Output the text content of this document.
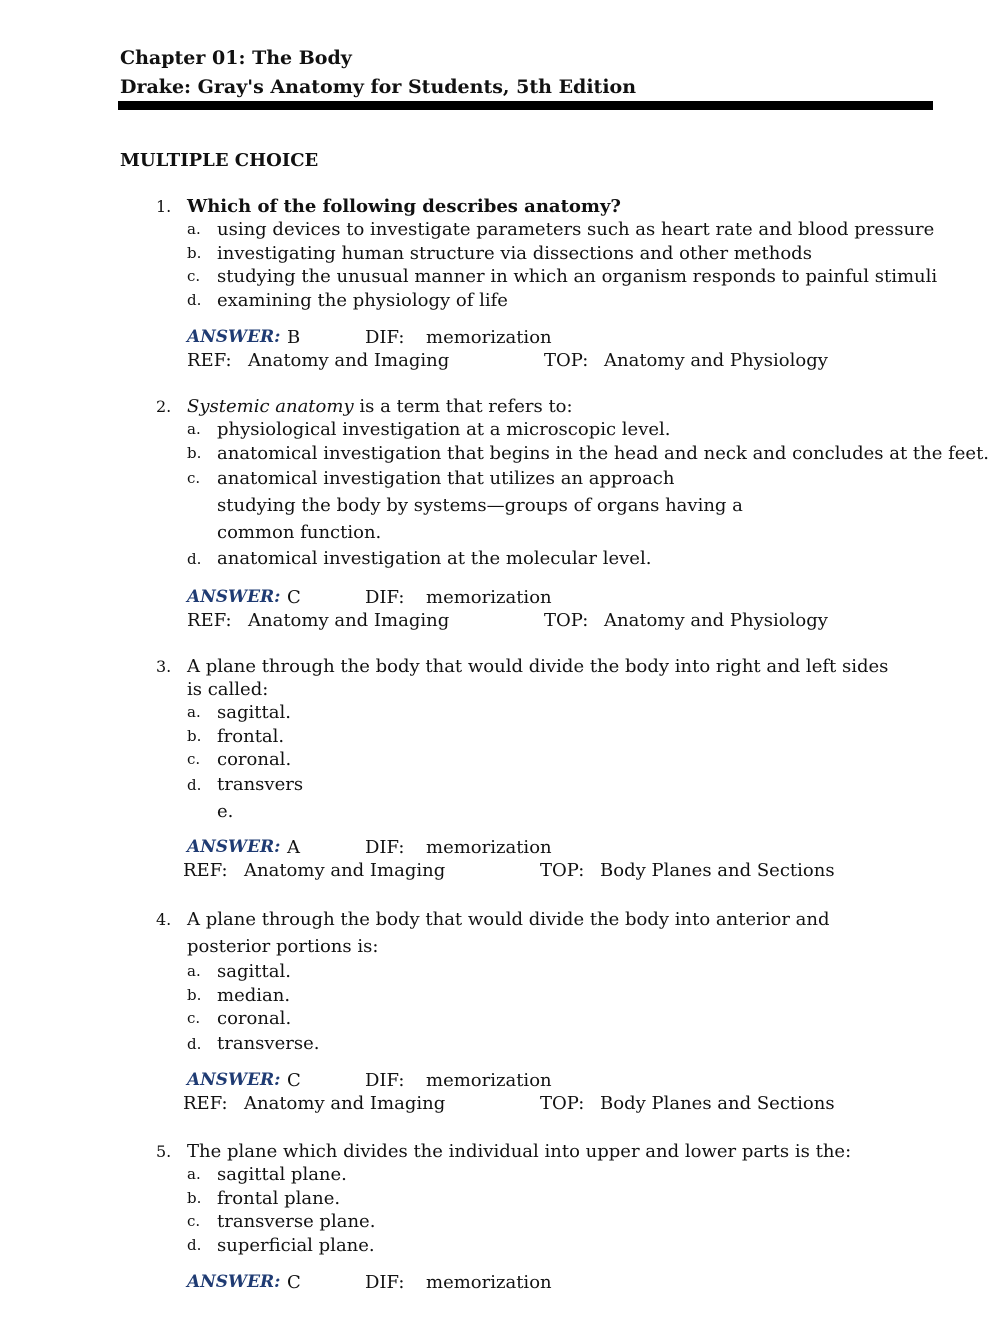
Chapter 01: The Body
Drake: Gray's Anatomy for Students, 5th Edition
MULTIPLE CHOICE
1. Which of the following describes anatomy?
a. using devices to investigate parameters such as heart rate and blood pressure
b. investigating human structure via dissections and other methods
c. studying the unusual manner in which an organism responds to painful stimuli
d. examining the physiology of life
ANSWER: B	DIF: memorization
REF: Anatomy and Imaging	TOP: Anatomy and Physiology
2. Systemic anatomy is a term that refers to:
a. physiological investigation at a microscopic level.
b. anatomical investigation that begins in the head and neck and concludes at the feet.
c. anatomical investigation that utilizes an approach studying the body by systems—groups of organs having a common function.
d. anatomical investigation at the molecular level.
ANSWER: C	DIF: memorization
REF: Anatomy and Imaging	TOP: Anatomy and Physiology
3. A plane through the body that would divide the body into right and left sides is called:
a. sagittal.
b. frontal.
c. coronal.
d. transvers
e.
ANSWER: A	DIF: memorization
REF: Anatomy and Imaging	TOP: Body Planes and Sections
4. A plane through the body that would divide the body into anterior and posterior portions is:
a. sagittal.
b. median.
c. coronal.
d. transverse.
ANSWER: C	DIF: memorization
REF: Anatomy and Imaging	TOP: Body Planes and Sections
5. The plane which divides the individual into upper and lower parts is the:
a. sagittal plane.
b. frontal plane.
c. transverse plane.
d. superficial plane.
ANSWER: C	DIF: memorization
